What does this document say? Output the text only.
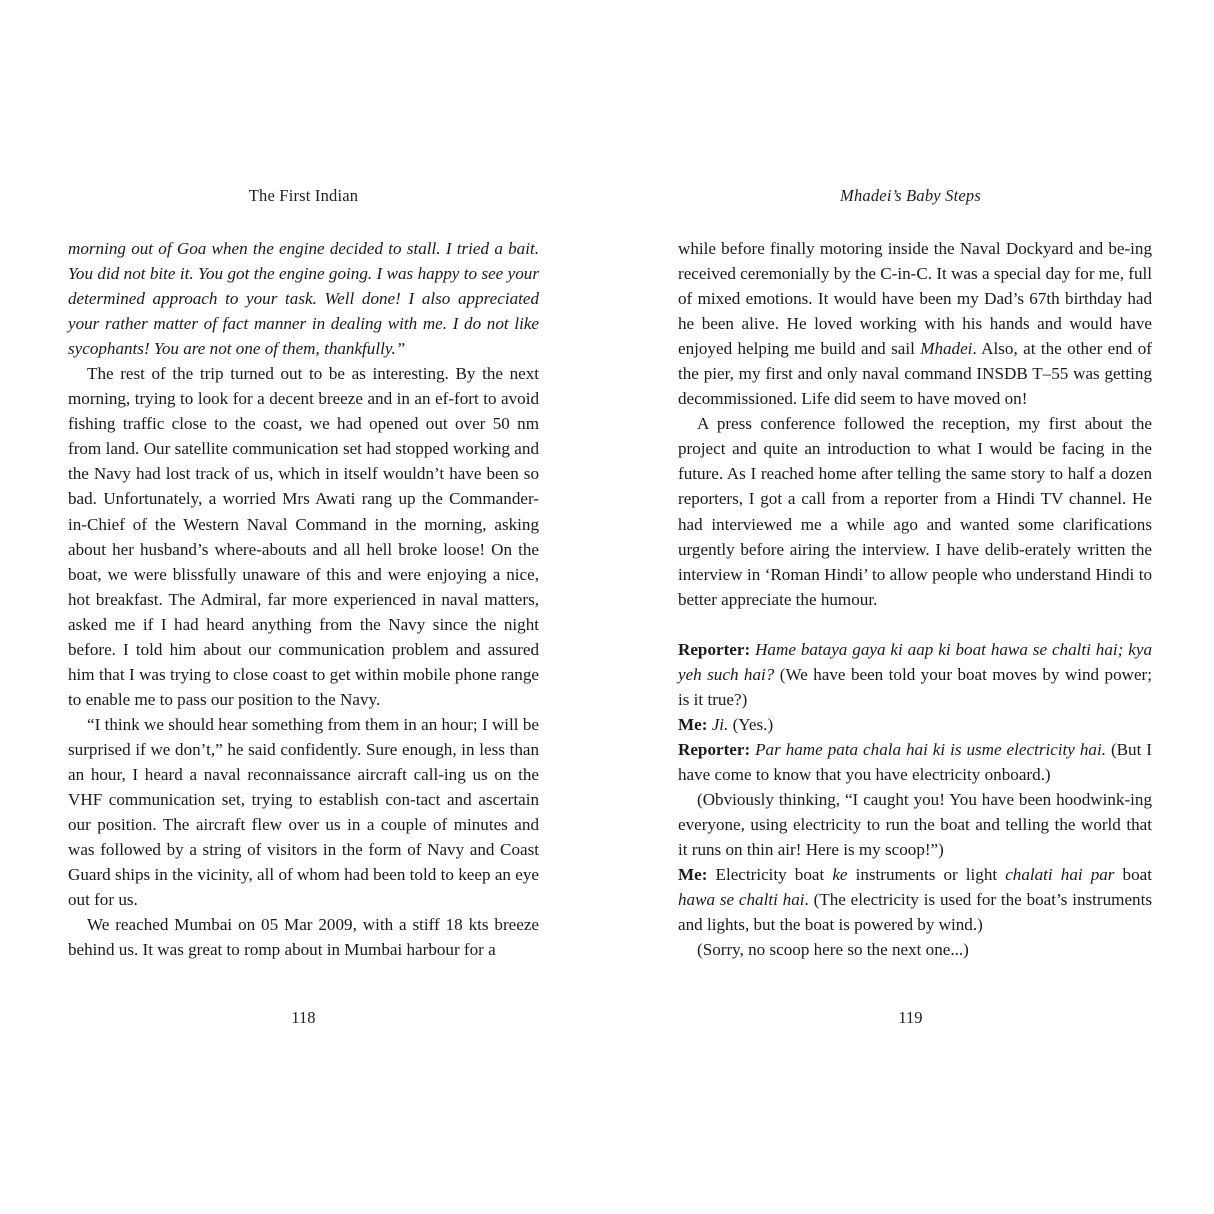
The First Indian

morning out of Goa when the engine decided to stall. I tried a bait. You did not bite it. You got the engine going. I was happy to see your determined approach to your task. Well done! I also appreciated your rather matter of fact manner in dealing with me. I do not like sycophants! You are not one of them, thankfully.”

The rest of the trip turned out to be as interesting. By the next morning, trying to look for a decent breeze and in an ef-​fort to avoid fishing traffic close to the coast, we had opened out over 50 nm from land. Our satellite communication set had stopped working and the Navy had lost track of us, which in itself wouldn’t have been so bad. Unfortunately, a worried Mrs Awati rang up the Commander-​in-Chief of the Western Naval Command in the morning, asking about her husband’s where-​abouts and all hell broke loose! On the boat, we were blissfully unaware of this and were enjoying a nice, hot breakfast. The Admiral, far more experienced in naval matters, asked me if I had heard anything from the Navy since the night before. I told him about our communication problem and assured him that I was trying to close coast to get within mobile phone range to enable me to pass our position to the Navy.

“I think we should hear something from them in an hour; I will be surprised if we don’t,” he said confidently. Sure enough, in less than an hour, I heard a naval reconnaissance aircraft call-​ing us on the VHF communication set, trying to establish con-​tact and ascertain our position. The aircraft flew over us in a couple of minutes and was followed by a string of visitors in the form of Navy and Coast Guard ships in the vicinity, all of whom had been told to keep an eye out for us.

We reached Mumbai on 05 Mar 2009, with a stiff 18 kts breeze behind us. It was great to romp about in Mumbai harbour for a

118
Mhadei’s Baby Steps

while before finally motoring inside the Naval Dockyard and be-​ing received ceremonially by the C-in-C. It was a special day for me, full of mixed emotions. It would have been my Dad’s 67th birthday had he been alive. He loved working with his hands and would have enjoyed helping me build and sail Mhadei. Also, at the other end of the pier, my first and only naval command INSDB T–55 was getting decommissioned. Life did seem to have moved on!

A press conference followed the reception, my first about the project and quite an introduction to what I would be facing in the future. As I reached home after telling the same story to half a dozen reporters, I got a call from a reporter from a Hindi TV channel. He had interviewed me a while ago and wanted some clarifications urgently before airing the interview. I have delib-​erately written the interview in ‘Roman Hindi’ to allow people who understand Hindi to better appreciate the humour.

Reporter: Hame bataya gaya ki aap ki boat hawa se chalti hai; kya yeh such hai? (We have been told your boat moves by wind power; is it true?)

Me: Ji. (Yes.)

Reporter: Par hame pata chala hai ki is usme electricity hai. (But I have come to know that you have electricity onboard.)

(Obviously thinking, “I caught you! You have been hoodwink-​ing everyone, using electricity to run the boat and telling the world that it runs on thin air! Here is my scoop!”)

Me: Electricity boat ke instruments or light chalati hai par boat hawa se chalti hai. (The electricity is used for the boat’s instruments and lights, but the boat is powered by wind.)

(Sorry, no scoop here so the next one...)

119
